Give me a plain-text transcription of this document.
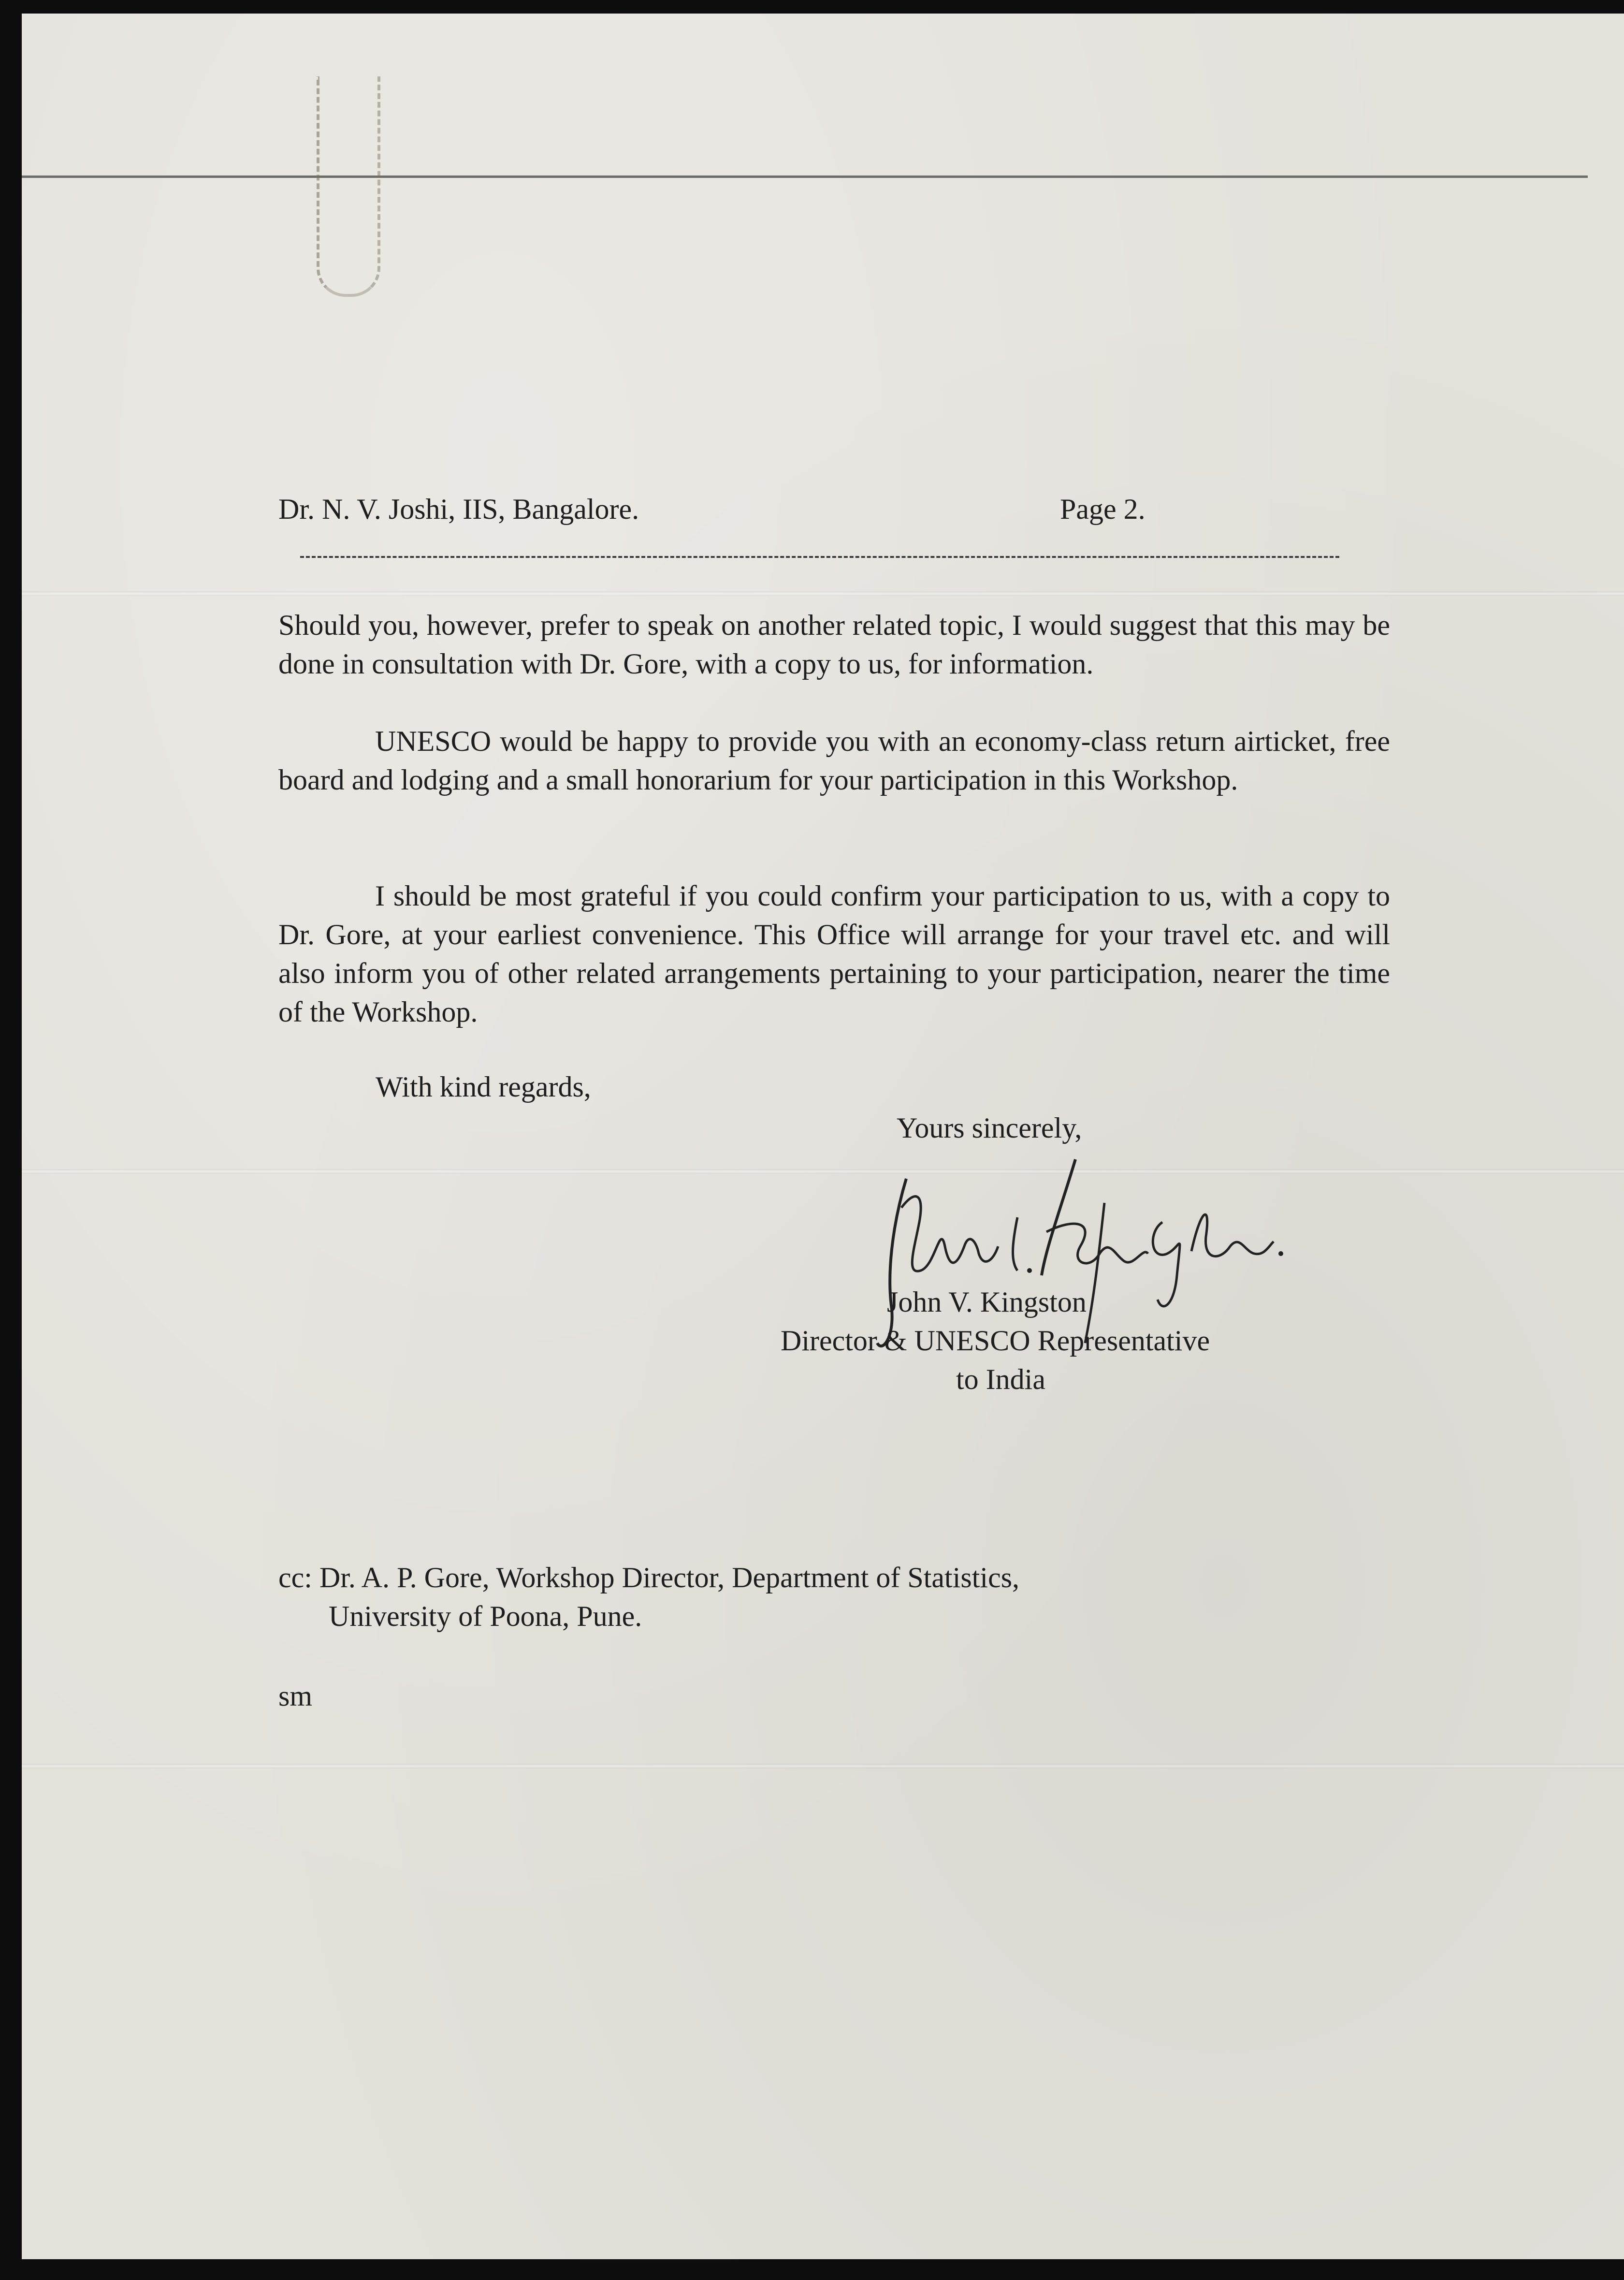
Dr. N. V. Joshi, IIS, Bangalore.	Page 2.
Should you, however, prefer to speak on another related topic, I would suggest that this may be done in consultation with Dr. Gore, with a copy to us, for information.
UNESCO would be happy to provide you with an economy-class return airticket, free board and lodging and a small honorarium for your participation in this Workshop.
I should be most grateful if you could confirm your participation to us, with a copy to Dr. Gore, at your earliest convenience. This Office will arrange for your travel etc. and will also inform you of other related arrangements pertaining to your participation, nearer the time of the Workshop.
With kind regards,
Yours sincerely,
John V. Kingston
Director & UNESCO Representative
to India
cc: Dr. A. P. Gore, Workshop Director, Department of Statistics,
University of Poona, Pune.
sm
